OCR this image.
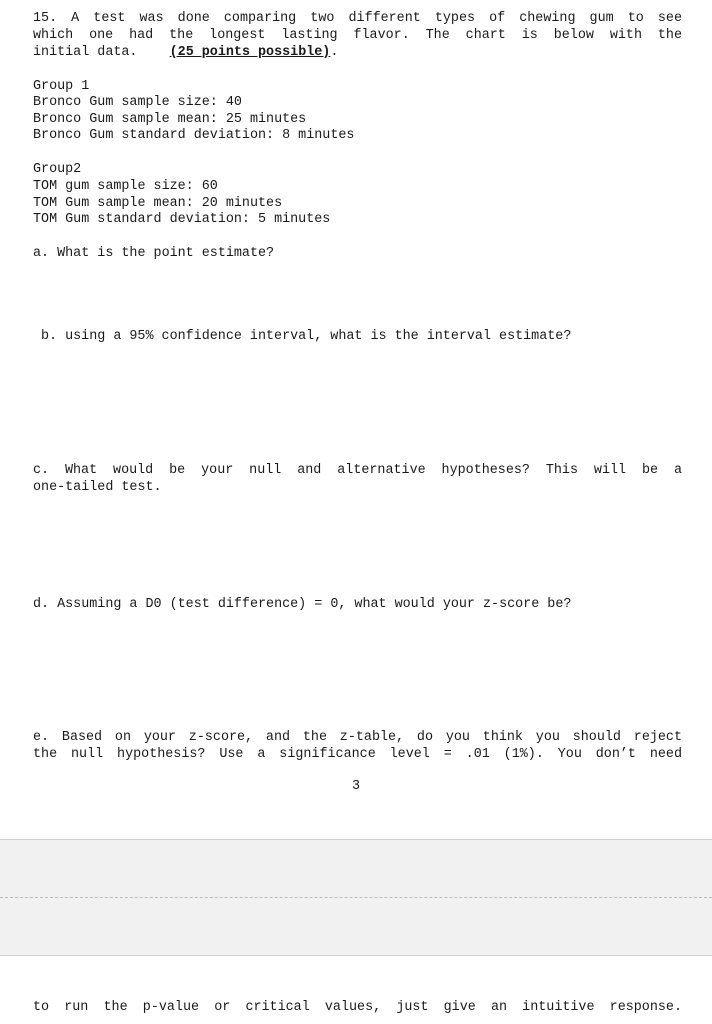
15. A test was done comparing two different types of chewing gum to see
which one had the longest lasting flavor. The chart is below with the
initial data. (25 points possible).
Group 1
Bronco Gum sample size: 40
Bronco Gum sample mean: 25 minutes
Bronco Gum standard deviation: 8 minutes
Group2
TOM gum sample size: 60
TOM Gum sample mean: 20 minutes
TOM Gum standard deviation: 5 minutes
a. What is the point estimate?
b. using a 95% confidence interval, what is the interval estimate?
c. What would be your null and alternative hypotheses? This will be a
one-tailed test.
d. Assuming a D0 (test difference) = 0, what would your z-score be?
e. Based on your z-score, and the z-table, do you think you should reject
the null hypothesis? Use a significance level = .01 (1%). You don’t need
3
to run the p-value or critical values, just give an intuitive response.
